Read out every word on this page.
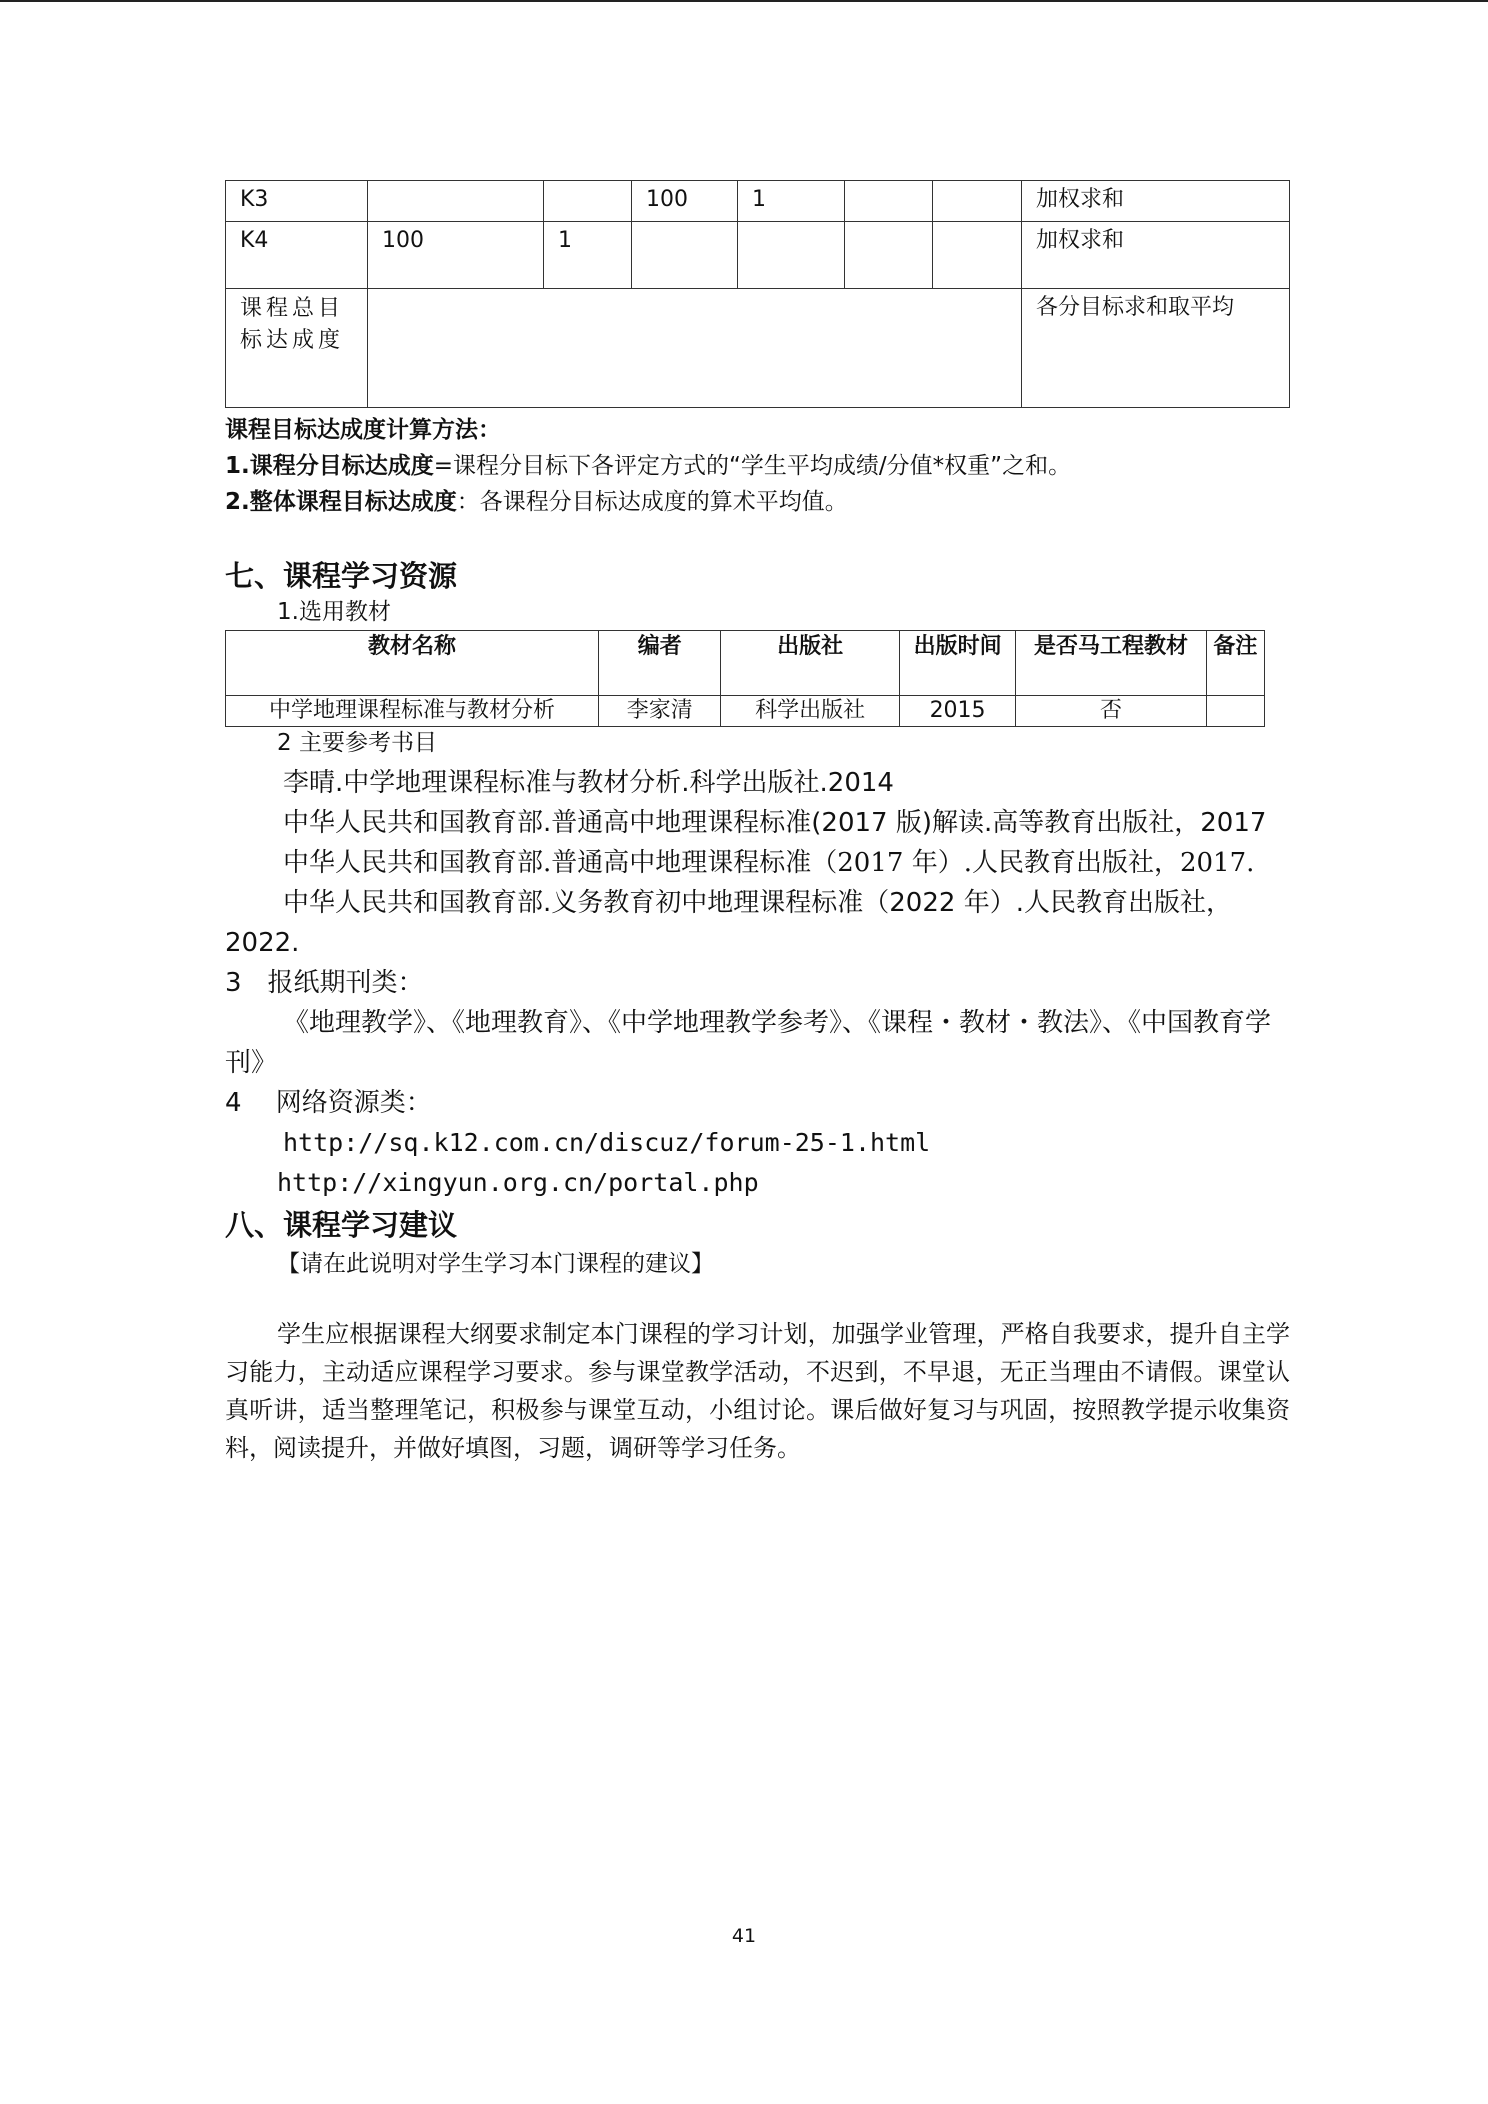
K3			100	1			加权求和
K4	100	1					加权求和
课程总目标达成度							各分目标求和取平均
课程目标达成度计算方法：
1.课程分目标达成度=课程分目标下各评定方式的“学生平均成绩/分值*权重”之和。
2.整体课程目标达成度：各课程分目标达成度的算术平均值。
七、课程学习资源
1.选用教材
教材名称	编者	出版社	出版时间	是否马工程教材	备注
中学地理课程标准与教材分析	李家清	科学出版社	2015	否	
2 主要参考书目

李晴.中学地理课程标准与教材分析.科学出版社.2014

中华人民共和国教育部.普通高中地理课程标准(2017 版)解读.高等教育出版社，2017

中华人民共和国教育部.普通高中地理课程标准（2017 年）.人民教育出版社，2017.

中华人民共和国教育部.义务教育初中地理课程标准（2022 年）.人民教育出版社，2022.

3　报纸期刊类：

《地理教学》、《地理教育》、《中学地理教学参考》、《课程・教材・教法》、《中国教育学刊》

4　 网络资源类：

http://sq.k12.com.cn/discuz/forum-25-1.html

http://xingyun.org.cn/portal.php

八、课程学习建议
【请在此说明对学生学习本门课程的建议】

学生应根据课程大纲要求制定本门课程的学习计划，加强学业管理，严格自我要求，提升自主学习能力，主动适应课程学习要求。参与课堂教学活动，不迟到，不早退，无正当理由不请假。课堂认真听讲，适当整理笔记，积极参与课堂互动，小组讨论。课后做好复习与巩固，按照教学提示收集资料，阅读提升，并做好填图，习题，调研等学习任务。

41
